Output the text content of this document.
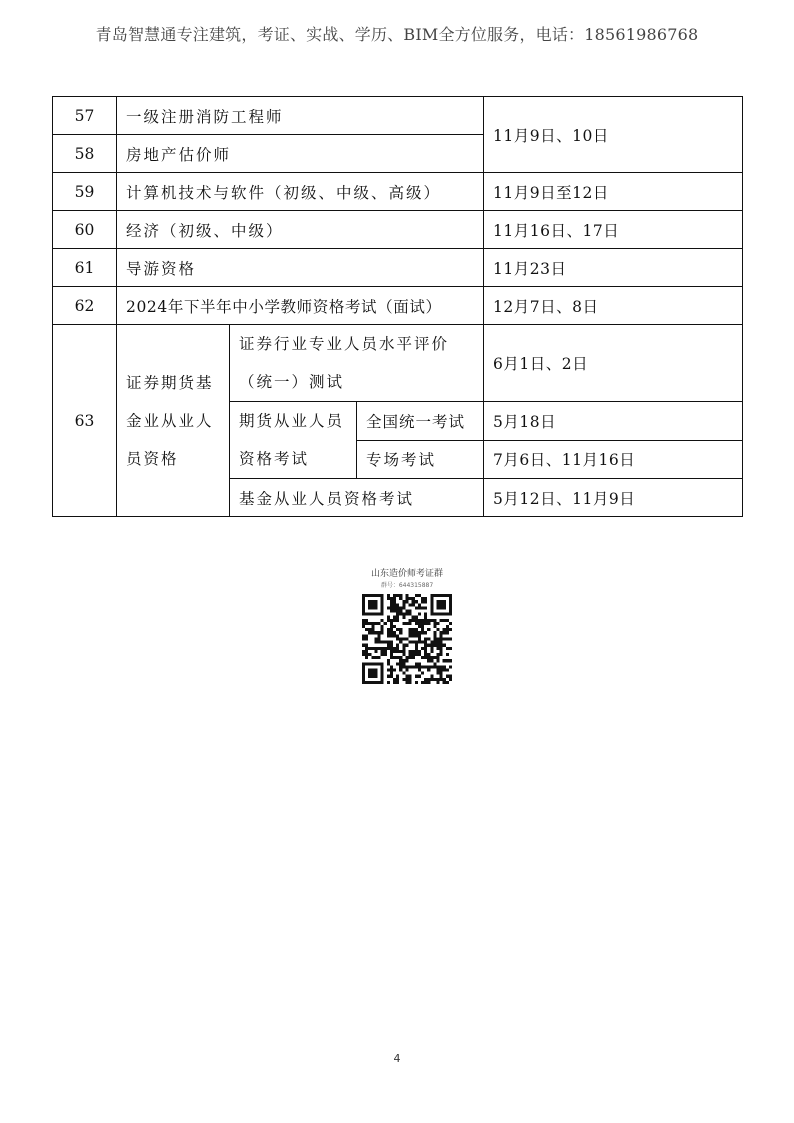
青岛智慧通专注建筑，考证、实战、学历、BIM全方位服务，电话：18561986768
57	一级注册消防工程师			11月9日、10日
58	房地产估价师			
59	计算机技术与软件（初级、中级、高级）			11月9日至12日
60	经济（初级、中级）			11月16日、17日
61	导游资格			11月23日
62	2024年下半年中小学教师资格考试（面试）			12月7日、8日
63	证券期货基金业从业人员资格	证券行业专业人员水平评价（统一）测试		6月1日、2日
		期货从业人员资格考试	全国统一考试	5月18日
			专场考试	7月6日、11月16日
		基金从业人员资格考试		5月12日、11月9日
山东造价师考证群
群号：644315887
4
